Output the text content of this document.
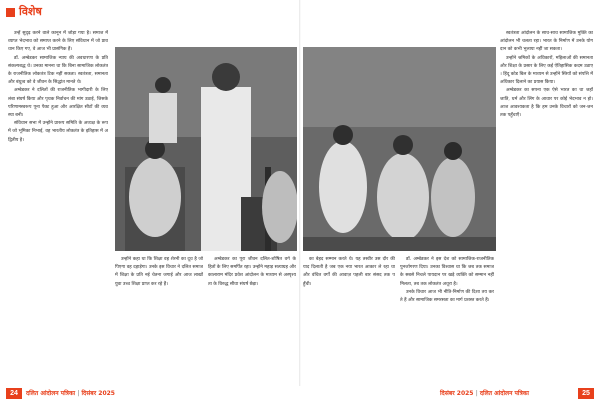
विशेष

उन्हें सुदृढ़ करने वाले कानून में जोड़ा गया है। समाज में व्याप्त भेदभाव को समाप्त करने के लिए संविधान में जो प्रावधान किए गए, वे आज भी प्रासंगिक हैं।

डॉ. अम्बेडकर सामाजिक न्याय की अवधारणा के प्रति संकल्पबद्ध थे। उनका मानना था कि बिना सामाजिक लोकतंत्र के राजनीतिक लोकतंत्र टिक नहीं सकता। स्वतंत्रता, समानता और बंधुत्व को वे जीवन के सिद्धांत मानते थे।

अम्बेडकर ने दलितों की राजनीतिक भागीदारी के लिए लंबा संघर्ष किया और पृथक निर्वाचन की मांग उठाई, जिसके परिणामस्वरूप पूना पैक्ट हुआ और आरक्षित सीटों की व्यवस्था बनी।

संविधान सभा में उन्होंने प्रारूप समिति के अध्यक्ष के रूप में जो भूमिका निभाई, वह भारतीय लोकतंत्र के इतिहास में अद्वितीय है।

उन्होंने कहा था कि शिक्षा वह शेरनी का दूध है जो पिएगा वह दहाड़ेगा। उनके इस विचार ने दलित समाज में शिक्षा के प्रति नई चेतना जगाई और आज लाखों युवा उच्च शिक्षा प्राप्त कर रहे हैं।

अम्बेडकर का पूरा जीवन दलित-शोषित वर्ग के हितों के लिए समर्पित रहा। उन्होंने महाड़ सत्याग्रह और कालाराम मंदिर प्रवेश आंदोलन के माध्यम से अस्पृश्यता के विरुद्ध सीधा संघर्ष छेड़ा।

का बेहद सम्मान करते थे। यह तस्वीर उस दौर की याद दिलाती है जब एक नया भारत आकार ले रहा था और वंचित वर्गों की आवाज़ पहली बार संसद तक पहुँची।

डॉ. अम्बेडकर ने इस देश को सामाजिक-राजनीतिक पुनर्जागरण दिया। उनका विश्वास था कि जब तक समाज के सबसे निचले पायदान पर खड़े व्यक्ति को सम्मान नहीं मिलता, तब तक लोकतंत्र अधूरा है।

उनके विचार आज भी नीति-निर्माण की दिशा तय करते हैं और सामाजिक समरसता का मार्ग प्रशस्त करते हैं।

स्वतंत्रता आंदोलन के साथ-साथ सामाजिक मुक्ति का आंदोलन भी चलता रहा। भारत के निर्माण में उनके योगदान को कभी भुलाया नहीं जा सकता।

उन्होंने श्रमिकों के अधिकारों, महिलाओं की समानता और शिक्षा के प्रसार के लिए कई ऐतिहासिक कदम उठाए। हिंदू कोड बिल के माध्यम से उन्होंने स्त्रियों को संपत्ति में अधिकार दिलाने का प्रयास किया।

अम्बेडकर का सपना एक ऐसे भारत का था जहाँ जाति, धर्म और लिंग के आधार पर कोई भेदभाव न हो। आज आवश्यकता है कि हम उनके विचारों को जन-जन तक पहुँचाएँ।

24	दलित आंदोलन पत्रिका | दिसंबर 2025	दिसंबर 2025 | दलित आंदोलन पत्रिका	25
